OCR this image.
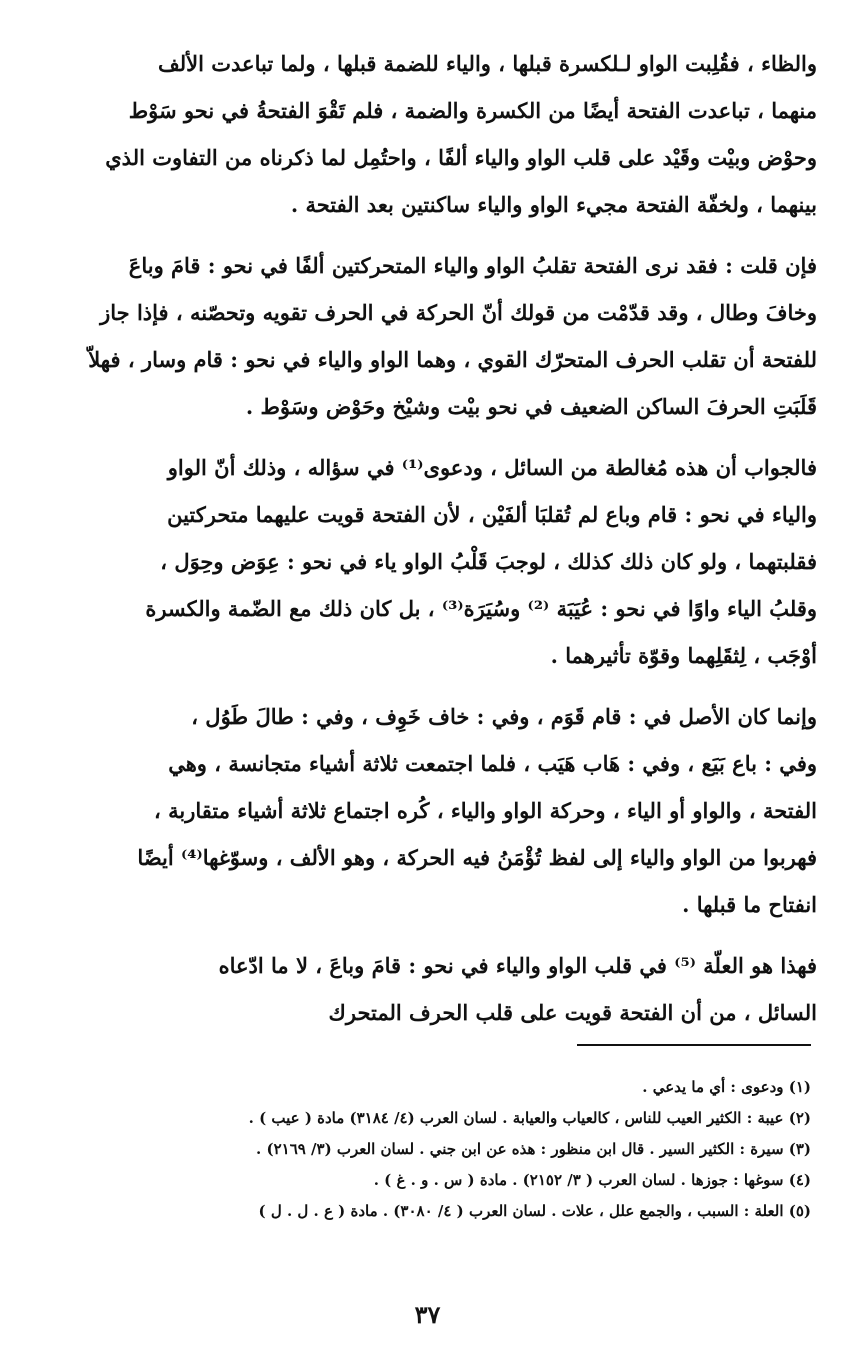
والظاء ، فقُلِبت الواو لـلكسرة قبلها ، والياء للضمة قبلها ، ولما تباعدت الألف
منهما ، تباعدت الفتحة أيضًا من الكسرة والضمة ، فلم تَقْوَ الفتحةُ في نحو سَوْط
وحوْض وبيْت وقَيْد على قلب الواو والياء ألفًا ، واحتُمِل لما ذكرناه من التفاوت الذي
بينهما ، ولخفّة الفتحة مجيء الواو والياء ساكنتين بعد الفتحة .

فإن قلت : فقد نرى الفتحة تقلبُ الواو والياء المتحركتين ألفًا في نحو : قامَ وباعَ
وخافَ وطال ، وقد قدّمْت من قولك أنّ الحركة في الحرف تقويه وتحصّنه ، فإذا جاز
للفتحة أن تقلب الحرف المتحرّك القوي ، وهما الواو والياء في نحو : قام وسار ، فهلاّ
قَلَبَتِ الحرفَ الساكن الضعيف في نحو بيْت وشيْخ وحَوْض وسَوْط .

فالجواب أن هذه مُغالطة من السائل ، ودعوى⁽¹⁾ في سؤاله ، وذلك أنّ الواو
والياء في نحو : قام وباع لم تُقلبَا ألفَيْن ، لأن الفتحة قويت عليهما متحركتين
فقلبتهما ، ولو كان ذلك كذلك ، لوجبَ قَلْبُ الواو ياء في نحو : عِوَض وحِوَل ،
وقلبُ الياء واوًا في نحو : عُيَبَة ⁽²⁾ وسُيَرَة⁽³⁾ ، بل كان ذلك مع الضّمة والكسرة
أوْجَب ، لِثقَلِهما وقوّة تأثيرهما .

وإنما كان الأصل في : قام قَوَم ، وفي : خاف خَوِف ، وفي : طالَ طَوُل ،
وفي : باع بَيَع ، وفي : هَاب هَيَب ، فلما اجتمعت ثلاثة أشياء متجانسة ، وهي
الفتحة ، والواو أو الياء ، وحركة الواو والياء ، كُره اجتماع ثلاثة أشياء متقاربة ،
فهربوا من الواو والياء إلى لفظ تُؤْمَنُ فيه الحركة ، وهو الألف ، وسوّغها⁽⁴⁾ أيضًا
انفتاح ما قبلها .

فهذا هو العلّة ⁽⁵⁾ في قلب الواو والياء في نحو : قامَ وباعَ ، لا ما ادّعاه
السائل ، من أن الفتحة قويت على قلب الحرف المتحرك

(١) ودعوى : أي ما يدعي .
(٢) عيبة : الكثير العيب للناس ، كالعياب والعيابة . لسان العرب (٤/ ٣١٨٤) مادة ( عيب ) .
(٣) سيرة : الكثير السير . قال ابن منظور : هذه عن ابن جني . لسان العرب (٣/ ٢١٦٩) .
(٤) سوغها : جوزها . لسان العرب ( ٣/ ٢١٥٢) . مادة ( س . و . غ ) .
(٥) العلة : السبب ، والجمع علل ، علات . لسان العرب ( ٤/ ٣٠٨٠) . مادة ( ع . ل . ل )
٣٧
